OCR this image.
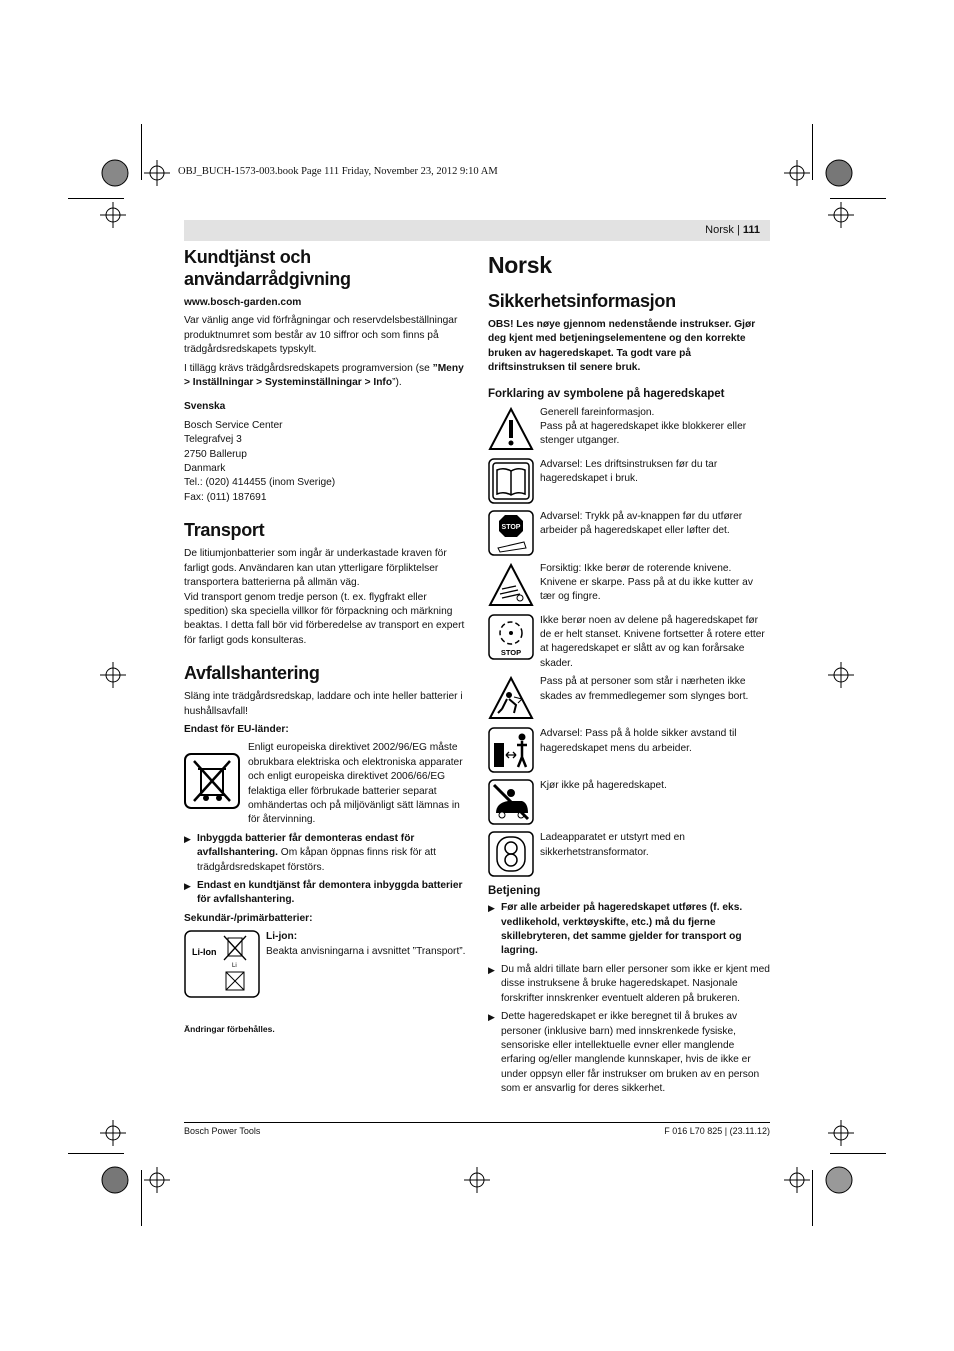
OBJ_BUCH-1573-003.book Page 111 Friday, November 23, 2012 9:10 AM
Norsk | 111
Kundtjänst och användarrådgivning

www.bosch-garden.com

Var vänlig ange vid förfrågningar och reservdelsbeställningar produktnumret som består av 10 siffror och som finns på trädgårdsredskapets typskylt.

I tillägg krävs trädgårdsredskapets programversion (se ”Meny > Inställningar > Systeminställningar > Info”).

Svenska

Bosch Service Center
Telegrafvej 3
2750 Ballerup
Danmark
Tel.: (020) 414455 (inom Sverige)
Fax: (011) 187691
Transport

De litiumjonbatterier som ingår är underkastade kraven för farligt gods. Användaren kan utan ytterligare förpliktelser transportera batterierna på allmän väg.
Vid transport genom tredje person (t. ex. flygfrakt eller spedition) ska speciella villkor för förpackning och märkning beaktas. I detta fall bör vid förberedelse av transport en expert för farligt gods konsulteras.

Avfallshantering

Släng inte trädgårdsredskap, laddare och inte heller batterier i hushållsavfall!

Endast för EU-länder:

Enligt europeiska direktivet 2002/96/EG måste obrukbara elektriska och elektroniska apparater och enligt europeiska direktivet 2006/66/EG felaktiga eller förbrukade batterier separat omhändertas och på miljövänligt sätt lämnas in för återvinning.
▶ Inbyggda batterier får demonteras endast för avfallshantering. Om kåpan öppnas finns risk för att trädgårdsredskapet förstörs.
▶ Endast en kundtjänst får demontera inbyggda batterier för avfallshantering.

Sekundär-/primärbatterier:

Li-Ion
Li
Li-jon:
Beakta anvisningarna i avsnittet ”Transport”.

Ändringar förbehålles.

Norsk
Sikkerhetsinformasjon

OBS! Les nøye gjennom nedenstående instrukser. Gjør deg kjent med betjeningselementene og den korrekte bruken av hageredskapet. Ta godt vare på driftsinstruksen til senere bruk.

Forklaring av symbolene på hageredskapet
Generell fareinformasjon.
Pass på at hageredskapet ikke blokkerer eller stenger utganger.
Advarsel: Les driftsinstruksen før du tar hageredskapet i bruk.
STOP
Advarsel: Trykk på av-knappen før du utfører arbeider på hageredskapet eller løfter det.
Forsiktig: Ikke berør de roterende knivene. Knivene er skarpe. Pass på at du ikke kutter av tær og fingre.
STOP
Ikke berør noen av delene på hageredskapet før de er helt stanset. Knivene fortsetter å rotere etter at hageredskapet er slått av og kan forårsake skader.
Pass på at personer som står i nærheten ikke skades av fremmedlegemer som slynges bort.
Advarsel: Pass på å holde sikker avstand til hageredskapet mens du arbeider.
Kjør ikke på hageredskapet.
Ladeapparatet er utstyrt med en sikkerhetstransformator.
Betjening
▶ Før alle arbeider på hageredskapet utføres (f. eks. vedlikehold, verktøyskifte, etc.) må du fjerne skillebryteren, det samme gjelder for transport og lagring.
▶ Du må aldri tillate barn eller personer som ikke er kjent med disse instruksene å bruke hageredskapet. Nasjonale forskrifter innskrenker eventuelt alderen på brukeren.
▶ Dette hageredskapet er ikke beregnet til å brukes av personer (inklusive barn) med innskrenkede fysiske, sensoriske eller intellektuelle evner eller manglende erfaring og/eller manglende kunnskaper, hvis de ikke er under oppsyn eller får instrukser om bruken av en person som er ansvarlig for deres sikkerhet.
Bosch Power Tools	F 016 L70 825 | (23.11.12)
